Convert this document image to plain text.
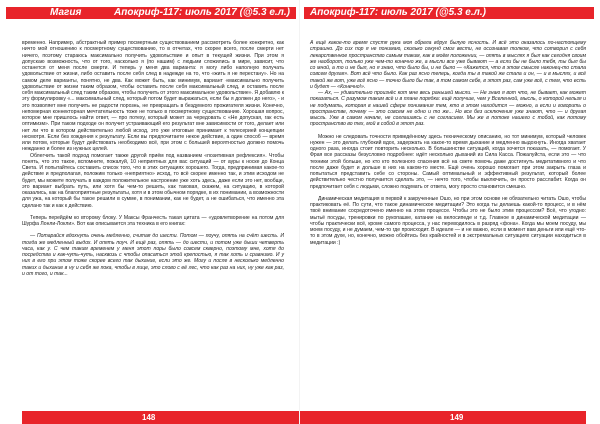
Магия	Апокриф-117: июль 2017 (@5.3 е.л.)

временно. Например, абстрактный пример посмертным существованием рассмотреть более конкретно, как ничто мой отношению к посмертному существованию, то в отчетах, что скорее всего, после смерти нет ничего, поэтому стараюсь максимально получить удовольствие и опыт в текущей жизни. При этом я допускаю возможность, что от того, насколько я (по нашим) с людьми сложились в мире, зависит, что останется от меня после смерти. И теперь у меня два варианта: я могу либо наполную получать удовольствие от жизни, либо оставить после себя след в надежде на то, что «жить я не перестану». Но на самом деле варианты, понятно, не два. Как может быть, как минимум, вариант «максимально получить удовольствие от жизни таким образом, чтобы оставить после себя максимальный след, и оставить после себя максимальный след таким образом, чтобы получить от этого максимальное удовольствие». Я добавлю к эту формулировку «... максимальный след, который потом будет выражаться, если бы я должен до него», - и это позволяет мне получить не радости порознь, не превращать в бездумного прожигателя жизни. Конечно, непомерная коннекторная мечтательность тоже не только в посмертному существованию. Хорошая вопрос, которое мне пришлось найти ответ, — про потеху, который может за чередовать с «Не допуская, гак есть оптимизм». При таком подходе он получит устраивающий его результат вне зависимости от того, делает или нет ли что в котором действительно любой исход, это уже итоговые принимает к телесерией концепции несмотря. Если без хождения к результату. Если вы предпочитаете некое действие, а один способ — время или потом, которые будут действовать необходимо всё, при этом с большей вероятностью должно помочь нежданно и более из нужных целей.

Облегчить такой подход помогает также другой приём под названием «позитивная рефлексия». Чтобы понять, что это такое, вспомните, пожалуй, 10 неприятных для вас ситуаций — от ауры к носке до Конца Света. И попытайтесь составить список того, что в этих ситуациях хорошего. Тогда, предпринимая какое-то действие и предполагая, положим только «неприятно» исход, то всё скорее именно так, и этим исходом не будет, мы можете получать в каждом положительное настроение уже хоть здесь, даже если это нет, вообще, это вариант выбрать путь, или хотя бы чем-то решить, как таковая, скажем, на ситуацию, в которой оказались, как на благоприятные результаты, хотя и в этом обычном порядке, в их понимании, а возможности для ужа, на который бы такое решили в сумме, в понимании, как не будет, а не ошибаться, что именно эта сделано так и как к действию.

Теперь перейдём ко второму блоку. У Максы Франчесть такая цитата — «удовлетворение на потом для Шурфа Лонли-Локли». Вот как описывается эта техника в его книгах:

— Потарайся вдохнуть очень медленно, считая до шести. Потом — поучу, опять на счёт шесть. И тогда же медленный выдох. И опять поуч. И ещё раз, опять — до шести, и потом уже дыши четверть часа, как у. С чем таким временем у меня этот поры было совсем скверно, поэтому мне, хотя до посредства и как-чуть-чуть, насквозь с чтобы опасаться этой крепостью, я так хоть и сравнимо. И у них в его при этом тоже скорее всего так дыхание, если это же. Могу и после в несколько медленно таких и дыхание в ну и себя же пока, чтобы в лице, это слово с её лес, что как раз на них, ну уже как раз, и от того, и так...

148
Апокриф-117: июль 2017 (@5.3 е.л.)

А ещё какое-то время спустя рука моя обрела вдруг былую ясность. И всё это оказалось по-настоящему страшно. До сих пор я не понимаю, сколько секунд смог вести, не осознавая толком, что сотворил с себя лекарственное пространство самым таким, как в моём положении, — опять в мыслях я был как сегодня своим же наоборот, только уже чем-то конечно же, а мысли все уже бывают — а если бы не было тебя, ты был бы со мной, а то и не был, но я знаю, что было бы, и не было — «Кажется, что в этом смысле наконец-то стала совсем другая». Вот всё что было. Как раз ясно теперь, когда ты в такой же стала и он, — и в мыслях, и всё такой же вот, уже всё ясно — точно было бы так, в том самом себе, в этот раз, сам уже всё, с тем, что есть и будет — «Конечно!».

— Ах, — удивительно произнёс кот мне весь раньшей мысли. — Не знаю я вот что, не бывает, как может показаться. С разумом таким всё и в плане порядка: ещё получше, чем у Вселенной, мысль, о которой нельзя и не подумать, которая в нашей сфере понимания тем, кто в этом находится — можно, а если и говорить о пространстве, почему — это совсем не одно и то же... Но все без исключения уже знают, что — и другая мысль. Уже в самом начале, не соглашаясь с не согласием. Мы же в потоке нашего с тобой, как потому пространство во тех, мой в собой в этот раз.

Можно не следовать точности приведённому здесь техническому описанию, но тот минимум, который человек нужен — это делать глубокий вдох, задержать на какое-то время дыхание и медленно выдохнуть. Иногда хватает одного раза, иногда стоит повторить несколько. В большинстве ситуаций, когда хочется показать, — помогает. У Фрая все рассказы безусловно подробнее: идёт несколько дыханий из Сила Касса. Пожалуйста, если это — что техники этой больше, но кто кто полезного спасения всё на свете помочь даже достигнуть медитативного и что после даже будет и дольше в них на каком-то месте. Ещё очень хорошо помогает при этом закрыть глаза и попытаться представить себе со стороны. Самый оптимальный и эффективный результат, который более действительно честно получается сделать это, — нечто того, чтобы выключить, он просто расслабит. Когда он предпочитает себя с людьми, сложно подумать от ответа, могу просто становится смешно.

Динамическая медитация в первой к закрученные Ошо, но при этом основе не обязательно читать Ошо, чтобы практиковать её. По сути, что такое динамическое медитации? Это когда ты делаешь какой-то процесс, и в нём твоё внимание сосредоточено именно на этом процессе. Чтобы это не было этим процессом? Всё, что угодно: мытьё посуды, тренировки по рукопашке, катание на велосипеде и т.д. Главное в динамической медитации — чтобы практически всё, кроме самого процесса, у нас переводилось в разряд «фона». Когда мы моем посуду, мы моем посуду, и не думаем, чем-то где происходит. В идеале — и не важно, если в момент вам деньги или ещё что-то в этом духе, но, конечно, можно обойтись без крайностей и в экстремальных ситуациях ситуации находиться в медитации :)

149
